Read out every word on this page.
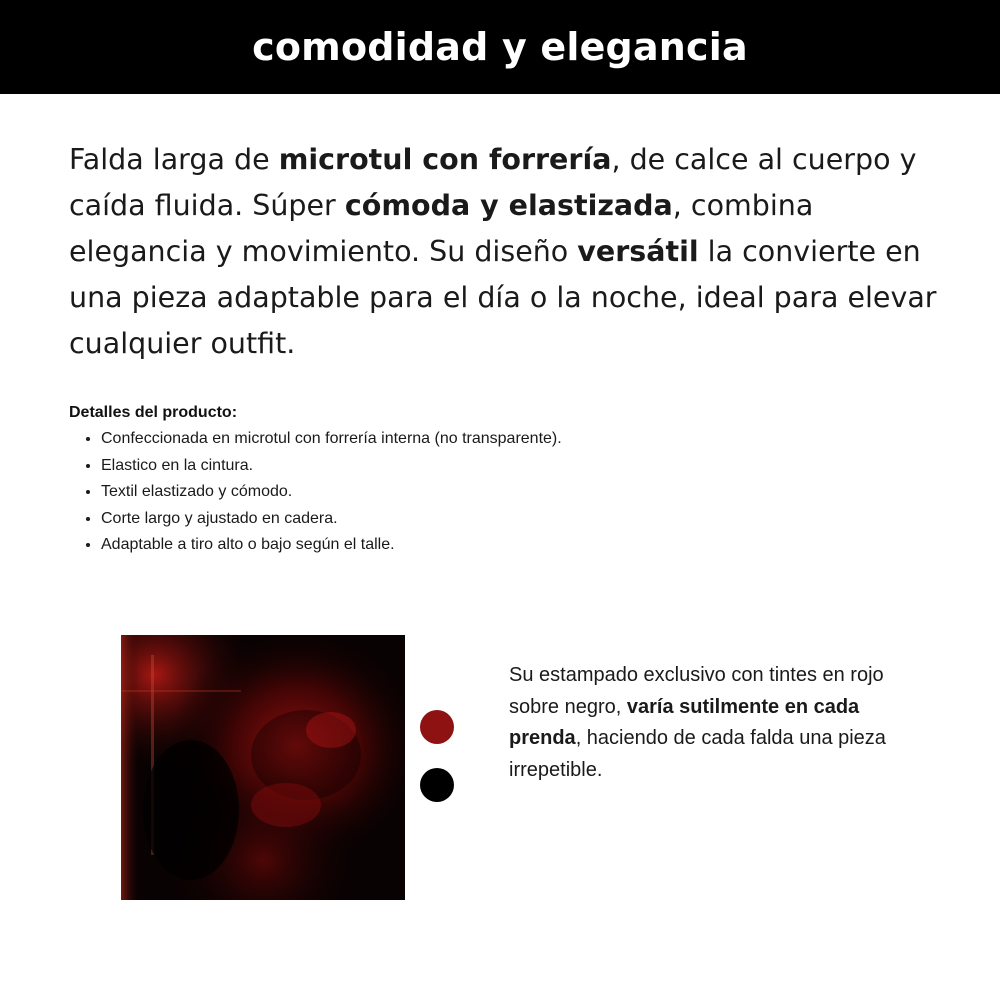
comodidad y elegancia

Falda larga de microtul con forrería, de calce al cuerpo y caída fluida. Súper cómoda y elastizada, combina elegancia y movimiento. Su diseño versátil la convierte en una pieza adaptable para el día o la noche, ideal para elevar cualquier outfit.

Detalles del producto:
• Confeccionada en microtul con forrería interna (no transparente).
• Elastico en la cintura.
• Textil elastizado y cómodo.
• Corte largo y ajustado en cadera.
• Adaptable a tiro alto o bajo según el talle.

Su estampado exclusivo con tintes en rojo sobre negro, varía sutilmente en cada prenda, haciendo de cada falda una pieza irrepetible.
